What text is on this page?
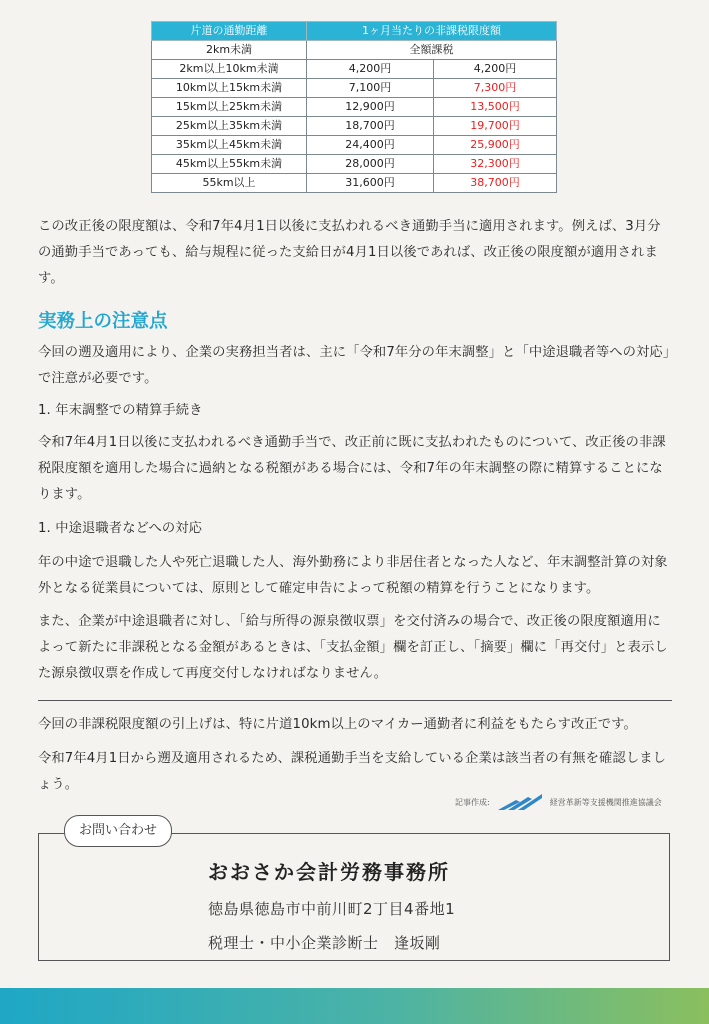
片道の通勤距離	1ヶ月当たりの非課税限度額	
2km未満	全額課税	
2km以上10km未満	4,200円	4,200円
10km以上15km未満	7,100円	7,300円
15km以上25km未満	12,900円	13,500円
25km以上35km未満	18,700円	19,700円
35km以上45km未満	24,400円	25,900円
45km以上55km未満	28,000円	32,300円
55km以上	31,600円	38,700円

この改正後の限度額は、令和7年4月1日以後に支払われるべき通勤手当に適用されます。例えば、3月分の通勤手当であっても、給与規程に従った支給日が4月1日以後であれば、改正後の限度額が適用されます。

実務上の注意点

今回の遡及適用により、企業の実務担当者は、主に「令和7年分の年末調整」と「中途退職者等への対応」で注意が必要です。

1. 年末調整での精算手続き

令和7年4月1日以後に支払われるべき通勤手当で、改正前に既に支払われたものについて、改正後の非課税限度額を適用した場合に過納となる税額がある場合には、令和7年の年末調整の際に精算することになります。

1. 中途退職者などへの対応

年の中途で退職した人や死亡退職した人、海外勤務により非居住者となった人など、年末調整計算の対象外となる従業員については、原則として確定申告によって税額の精算を行うことになります。

また、企業が中途退職者に対し、「給与所得の源泉徴収票」を交付済みの場合で、改正後の限度額適用によって新たに非課税となる金額があるときは、「支払金額」欄を訂正し、「摘要」欄に「再交付」と表示した源泉徴収票を作成して再度交付しなければなりません。

今回の非課税限度額の引上げは、特に片道10km以上のマイカー通勤者に利益をもたらす改正です。

令和7年4月1日から遡及適用されるため、課税通勤手当を支給している企業は該当者の有無を確認しましょう。

記事作成:	経営革新等支援機関推進協議会
お問い合わせ
おおさか会計労務事務所
徳島県徳島市中前川町2丁目4番地1
税理士・中小企業診断士　逢坂剛
